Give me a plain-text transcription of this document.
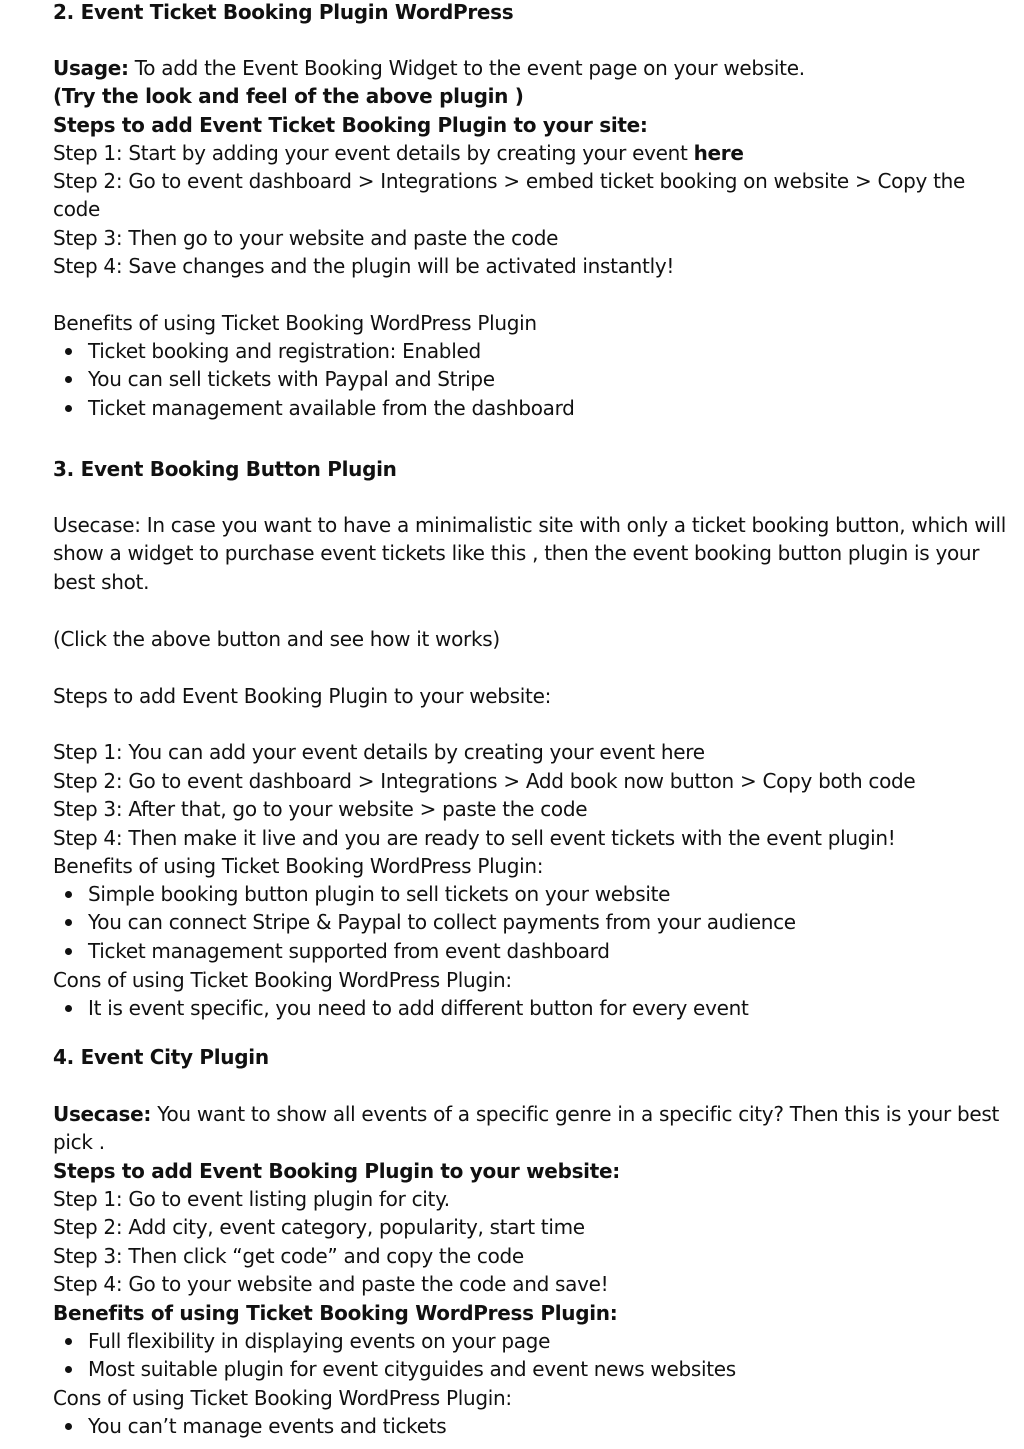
2. Event Ticket Booking Plugin WordPress
Usage: To add the Event Booking Widget to the event page on your website.
(Try the look and feel of the above plugin )
Steps to add Event Ticket Booking Plugin to your site:
Step 1: Start by adding your event details by creating your event here
Step 2: Go to event dashboard > Integrations > embed ticket booking on website > Copy the code
Step 3: Then go to your website and paste the code
Step 4: Save changes and the plugin will be activated instantly!
Benefits of using Ticket Booking WordPress Plugin
Ticket booking and registration: Enabled
You can sell tickets with Paypal and Stripe
Ticket management available from the dashboard
3. Event Booking Button Plugin
Usecase: In case you want to have a minimalistic site with only a ticket booking button, which will show a widget to purchase event tickets like this , then the event booking button plugin is your best shot.
(Click the above button and see how it works)
Steps to add Event Booking Plugin to your website:
Step 1: You can add your event details by creating your event here
Step 2: Go to event dashboard > Integrations > Add book now button > Copy both code
Step 3: After that, go to your website > paste the code
Step 4: Then make it live and you are ready to sell event tickets with the event plugin!
Benefits of using Ticket Booking WordPress Plugin:
Simple booking button plugin to sell tickets on your website
You can connect Stripe & Paypal to collect payments from your audience
Ticket management supported from event dashboard
Cons of using Ticket Booking WordPress Plugin:
It is event specific, you need to add different button for every event
4. Event City Plugin
Usecase: You want to show all events of a specific genre in a specific city? Then this is your best pick .
Steps to add Event Booking Plugin to your website:
Step 1: Go to event listing plugin for city.
Step 2: Add city, event category, popularity, start time
Step 3: Then click “get code” and copy the code
Step 4: Go to your website and paste the code and save!
Benefits of using Ticket Booking WordPress Plugin:
Full flexibility in displaying events on your page
Most suitable plugin for event cityguides and event news websites
Cons of using Ticket Booking WordPress Plugin:
You can’t manage events and tickets
